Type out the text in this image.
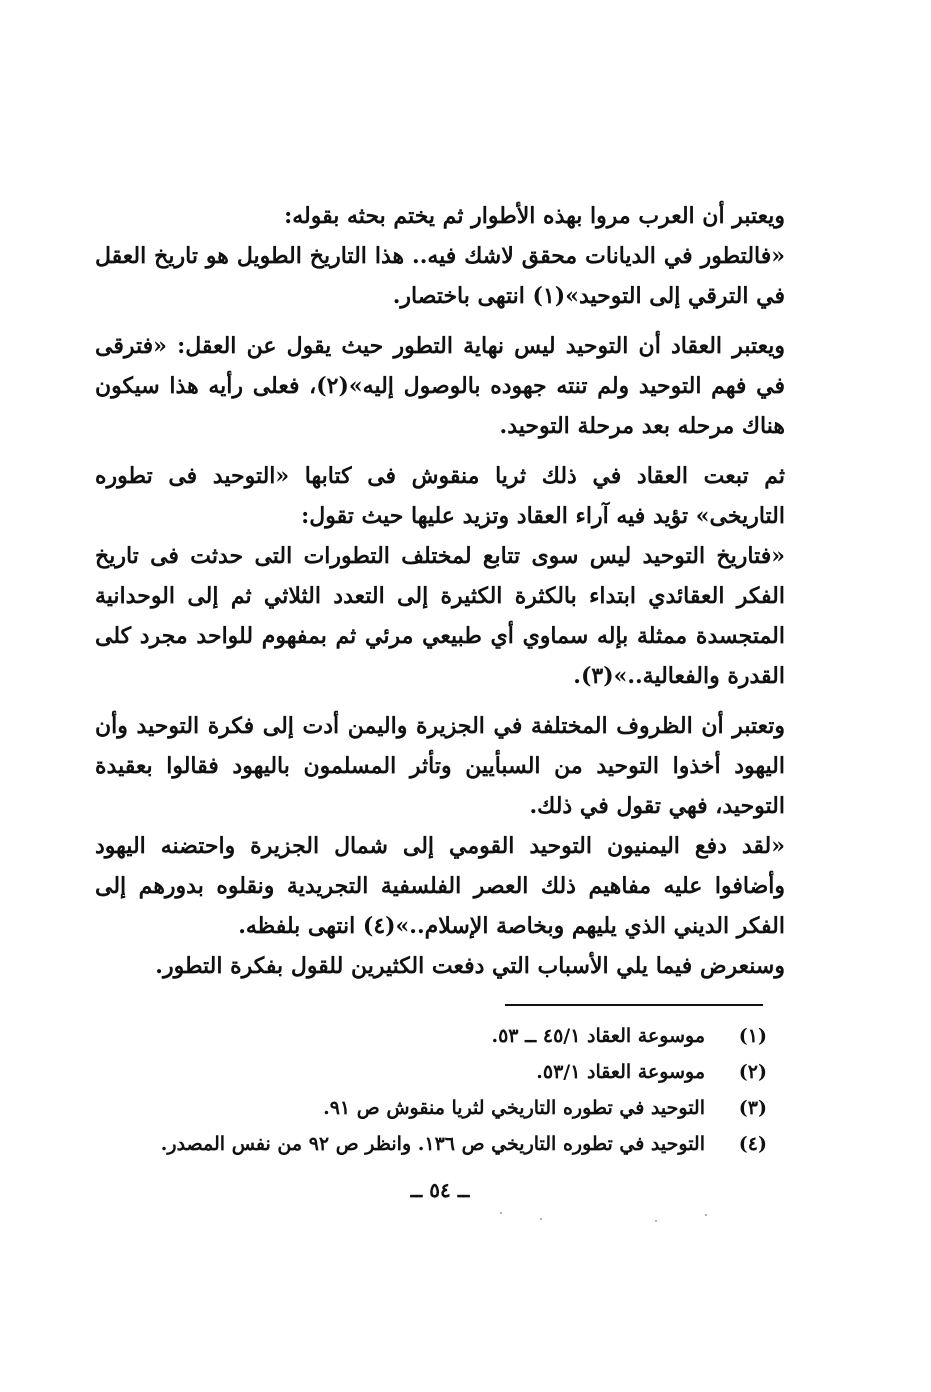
ويعتبر أن العرب مروا بهذه الأطوار ثم يختم بحثه بقوله:

«فالتطور في الديانات محقق لاشك فيه.. هذا التاريخ الطويل هو تاريخ العقل في الترقي إلى التوحيد»(١) انتهى باختصار.

ويعتبر العقاد أن التوحيد ليس نهاية التطور حيث يقول عن العقل: «فترقى في فهم التوحيد ولم تنته جهوده بالوصول إليه»(٢)، فعلى رأيه هذا سيكون هناك مرحله بعد مرحلة التوحيد.

ثم تبعت العقاد في ذلك ثريا منقوش فى كتابها «التوحيد فى تطوره التاريخى» تؤيد فيه آراء العقاد وتزيد عليها حيث تقول:

«فتاريخ التوحيد ليس سوى تتابع لمختلف التطورات التى حدثت فى تاريخ الفكر العقائدي ابتداء بالكثرة الكثيرة إلى التعدد الثلاثي ثم إلى الوحدانية المتجسدة ممثلة بإله سماوي أي طبيعي مرئي ثم بمفهوم للواحد مجرد كلى القدرة والفعالية..»(٣).

وتعتبر أن الظروف المختلفة في الجزيرة واليمن أدت إلى فكرة التوحيد وأن اليهود أخذوا التوحيد من السبأيين وتأثر المسلمون باليهود فقالوا بعقيدة التوحيد، فهي تقول في ذلك.

«لقد دفع اليمنيون التوحيد القومي إلى شمال الجزيرة واحتضنه اليهود وأضافوا عليه مفاهيم ذلك العصر الفلسفية التجريدية ونقلوه بدورهم إلى الفكر الديني الذي يليهم وبخاصة الإسلام..»(٤) انتهى بلفظه.

وسنعرض فيما يلي الأسباب التي دفعت الكثيرين للقول بفكرة التطور.

(١)
موسوعة العقاد ٤٥/١ ــ ٥٣.
(٢)
موسوعة العقاد ٥٣/١.
(٣)
التوحيد في تطوره التاريخي لثريا منقوش ص ٩١.
(٤)
التوحيد في تطوره التاريخي ص ١٣٦. وانظر ص ٩٢ من نفس المصدر.
ــ ٥٤ ــ
